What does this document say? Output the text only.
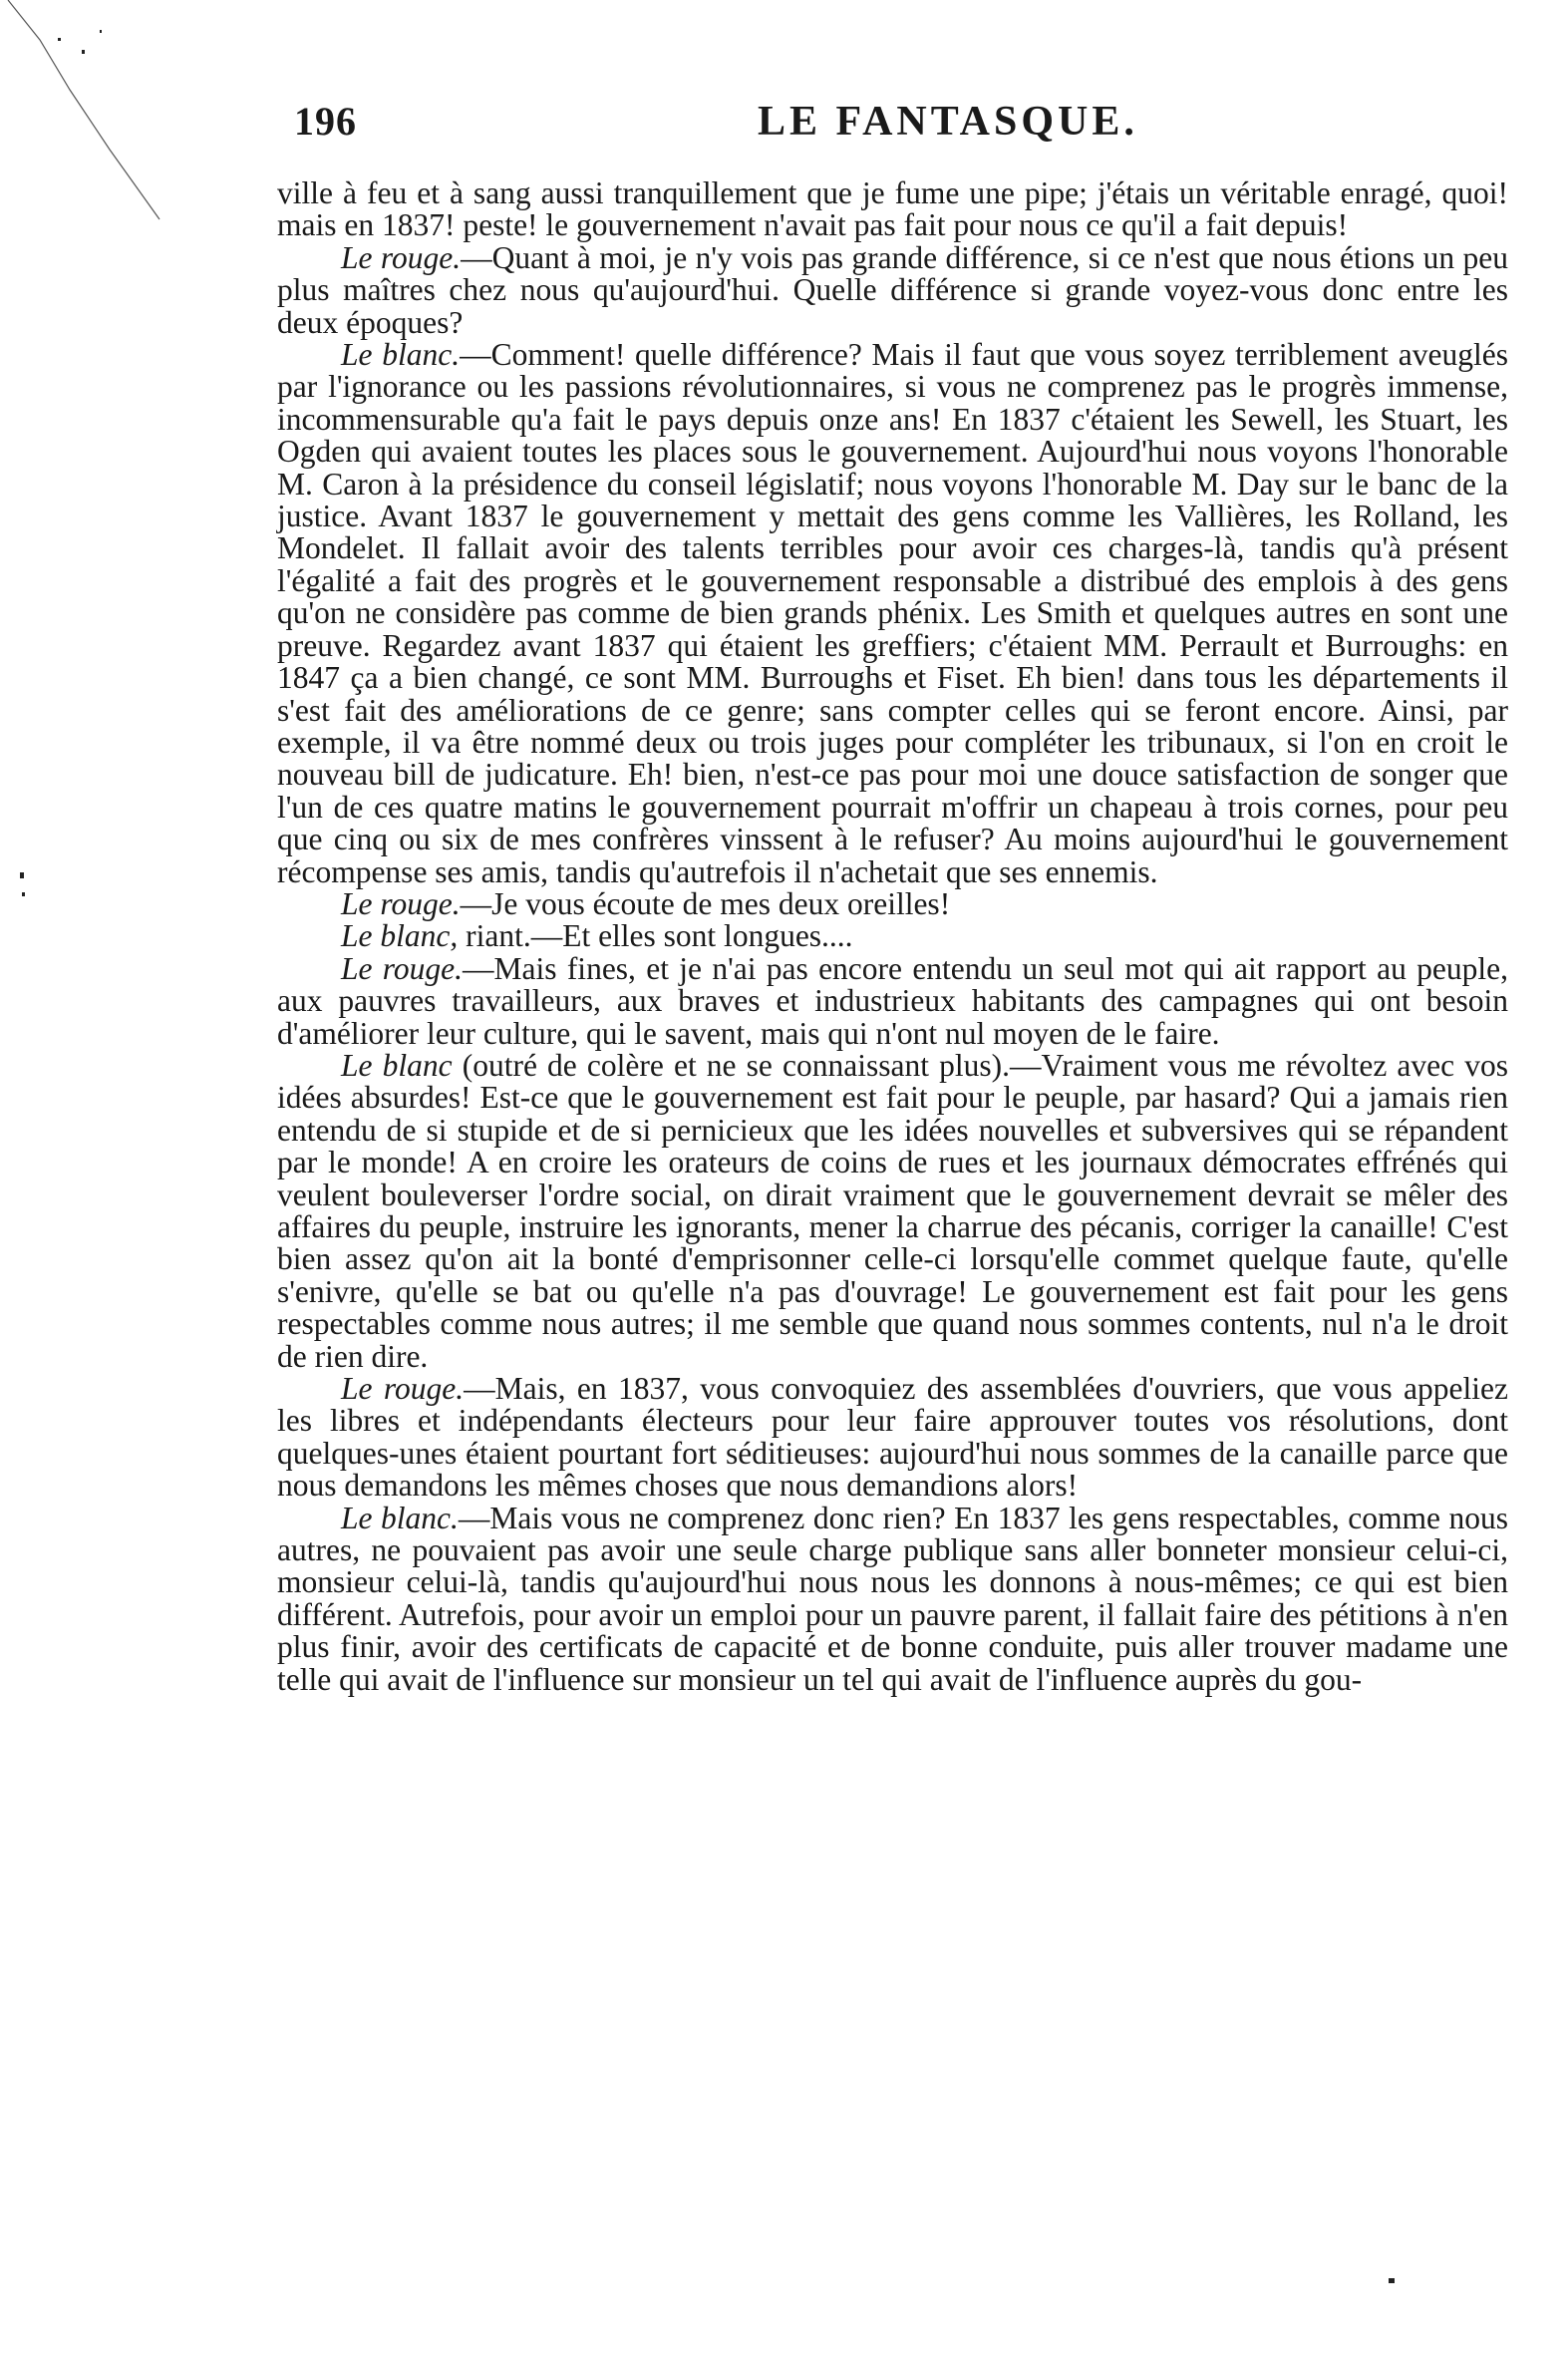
196	LE FANTASQUE.

ville à feu et à sang aussi tranquillement que je fume une pipe; j'étais un véritable enragé, quoi! mais en 1837! peste! le gouvernement n'avait pas fait pour nous ce qu'il a fait depuis!

Le rouge.—Quant à moi, je n'y vois pas grande différence, si ce n'est que nous étions un peu plus maîtres chez nous qu'aujourd'hui. Quelle différence si grande voyez-vous donc entre les deux époques?

Le blanc.—Comment! quelle différence? Mais il faut que vous soyez terriblement aveuglés par l'ignorance ou les passions révolutionnaires, si vous ne comprenez pas le progrès immense, incommensurable qu'a fait le pays depuis onze ans! En 1837 c'étaient les Sewell, les Stuart, les Ogden qui avaient toutes les places sous le gouvernement. Aujourd'hui nous voyons l'honorable M. Caron à la présidence du conseil législatif; nous voyons l'honorable M. Day sur le banc de la justice. Avant 1837 le gouvernement y mettait des gens comme les Vallières, les Rolland, les Mondelet. Il fallait avoir des talents terribles pour avoir ces charges-là, tandis qu'à présent l'égalité a fait des progrès et le gouvernement responsable a distribué des emplois à des gens qu'on ne considère pas comme de bien grands phénix. Les Smith et quelques autres en sont une preuve. Regardez avant 1837 qui étaient les greffiers; c'étaient MM. Perrault et Burroughs: en 1847 ça a bien changé, ce sont MM. Burroughs et Fiset. Eh bien! dans tous les départements il s'est fait des améliorations de ce genre; sans compter celles qui se feront encore. Ainsi, par exemple, il va être nommé deux ou trois juges pour compléter les tribunaux, si l'on en croit le nouveau bill de judicature. Eh! bien, n'est-ce pas pour moi une douce satisfaction de songer que l'un de ces quatre matins le gouvernement pourrait m'offrir un chapeau à trois cornes, pour peu que cinq ou six de mes confrères vinssent à le refuser? Au moins aujourd'hui le gouvernement récompense ses amis, tandis qu'autrefois il n'achetait que ses ennemis.

Le rouge.—Je vous écoute de mes deux oreilles!

Le blanc, riant.—Et elles sont longues....

Le rouge.—Mais fines, et je n'ai pas encore entendu un seul mot qui ait rapport au peuple, aux pauvres travailleurs, aux braves et industrieux habitants des campagnes qui ont besoin d'améliorer leur culture, qui le savent, mais qui n'ont nul moyen de le faire.

Le blanc (outré de colère et ne se connaissant plus).—Vraiment vous me révoltez avec vos idées absurdes! Est-ce que le gouvernement est fait pour le peuple, par hasard? Qui a jamais rien entendu de si stupide et de si pernicieux que les idées nouvelles et subversives qui se répandent par le monde! A en croire les orateurs de coins de rues et les journaux démocrates effrénés qui veulent bouleverser l'ordre social, on dirait vraiment que le gouvernement devrait se mêler des affaires du peuple, instruire les ignorants, mener la charrue des pécanis, corriger la canaille! C'est bien assez qu'on ait la bonté d'emprisonner celle-ci lorsqu'elle commet quelque faute, qu'elle s'enivre, qu'elle se bat ou qu'elle n'a pas d'ouvrage! Le gouvernement est fait pour les gens respectables comme nous autres; il me semble que quand nous sommes contents, nul n'a le droit de rien dire.

Le rouge.—Mais, en 1837, vous convoquiez des assemblées d'ouvriers, que vous appeliez les libres et indépendants électeurs pour leur faire approuver toutes vos résolutions, dont quelques-unes étaient pourtant fort séditieuses: aujourd'hui nous sommes de la canaille parce que nous demandons les mêmes choses que nous demandions alors!

Le blanc.—Mais vous ne comprenez donc rien? En 1837 les gens respectables, comme nous autres, ne pouvaient pas avoir une seule charge publique sans aller bonneter monsieur celui-ci, monsieur celui-là, tandis qu'aujourd'hui nous nous les donnons à nous-mêmes; ce qui est bien différent. Autrefois, pour avoir un emploi pour un pauvre parent, il fallait faire des pétitions à n'en plus finir, avoir des certificats de capacité et de bonne conduite, puis aller trouver madame une telle qui avait de l'influence sur monsieur un tel qui avait de l'influence auprès du gou-
